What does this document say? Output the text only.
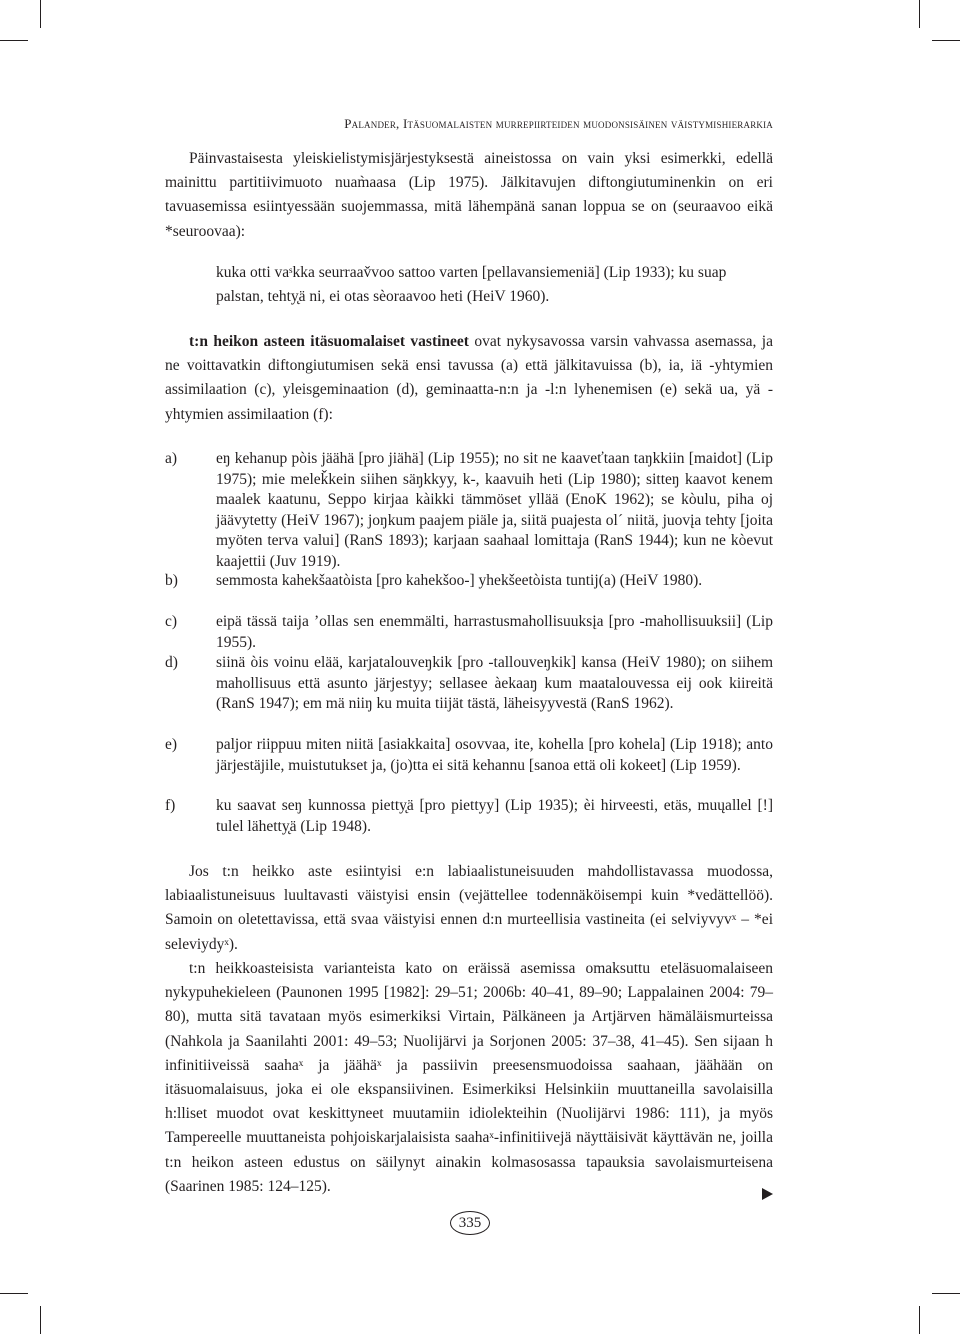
Palander, Itäsuomalaisten murrepiirteiden muodonsisäinen väistymishierarkia

Päinvastaisesta yleiskielistymisjärjestyksestä aineistossa on vain yksi esimerkki, edellä mainittu partitiivimuoto nuam̀aasa (Lip 1975). Jälkitavujen diftongiutuminenkin on eri tavuasemissa esiintyessään suojemmassa, mitä lähempänä sanan loppua se on (seuraavoo eikä *seuroovaa):

kuka otti vaˢkka seurraav̌voo sattoo varten [pellavansiemeniä] (Lip 1933); ku suap palstan, tehty̨ä ni, ei otas sèoraavoo heti (HeiV 1960).

t:n heikon asteen itäsuomalaiset vastineet ovat nykysavossa varsin vahvassa asemassa, ja ne voittavatkin diftongiutumisen sekä ensi tavussa (a) että jälkitavuissa (b), ia, iä -yhtymien assimilaation (c), yleisgeminaation (d), geminaatta-n:n ja -l:n lyhenemisen (e) sekä ua, yä -yhtymien assimilaation (f):

a)	eŋ kehanup pòis jäähä [pro jiähä] (Lip 1955); no sit ne kaaveťtaan taŋkkiin [maidot] (Lip 1975); mie meleǩkein siihen säŋkkyy, k-, kaavuih heti (Lip 1980); sitteŋ kaavot kenem maalek kaatunu, Seppo kirjaa kàikki tämmöset yllää (EnoK 1962); se kòulu, piha oj jäävytetty (HeiV 1967); joŋkum paajem piäle ja, siitä puajesta olˊ niitä, juovįa tehty [joita myöten terva valui] (RanS 1893); karjaan saahaal lomittaja (RanS 1944); kun ne kòevut kaajettii (Juv 1919).
b) semmosta kahekšaatòista [pro kahekšoo-] yhekšeetòista tuntij(a) (HeiV 1980).
c)	eipä tässä taija ’ollas sen enemmälti, harrastusmahollisuuksįa [pro -mahollisuuksii] (Lip 1955).
d) siinä òis voinu elää, karjatalouveŋkik [pro -tallouveŋkik] kansa (HeiV 1980); on siihem mahollisuus että asunto järjestyy; sellasee àekaaŋ kum maatalouvessa eij ook kiireitä (RanS 1947); em mä niiŋ ku muita tiijät tästä, läheisyyvestä (RanS 1962).
e)	paljor riippuu miten niitä [asiakkaita] osovvaa, ite, kohella [pro kohela] (Lip 1918); anto järjestäjile, muistutukset ja, (jo)tta ei sitä kehannu [sanoa että oli kokeet] (Lip 1959).
f)	ku saavat seŋ kunnossa pietty̨ä [pro piettyy] (Lip 1935); èi hirveesti, etäs, muųallel [!] tulel lähetty̨ä (Lip 1948).

Jos t:n heikko aste esiintyisi e:n labiaalistuneisuuden mahdollistavassa muodossa, labiaalistuneisuus luultavasti väistyisi ensin (vejättellee todennäköisempi kuin *vedättellöö). Samoin on oletettavissa, että svaa väistyisi ennen d:n murteellisia vastineita (ei selviyvyvˣ – *ei seleviydyˣ).

t:n heikkoasteisista varianteista kato on eräissä asemissa omaksuttu eteläsuomalaiseen nykypuhekieleen (Paunonen 1995 [1982]: 29–51; 2006b: 40–41, 89–90; Lappalainen 2004: 79–80), mutta sitä tavataan myös esimerkiksi Virtain, Pälkäneen ja Artjärven hämäläismurteissa (Nahkola ja Saanilahti 2001: 49–53; Nuolijärvi ja Sorjonen 2005: 37–38, 41–45). Sen sijaan h infinitiiveissä saahaˣ ja jäähäˣ ja passiivin preesensmuodoissa saahaan, jäähään on itäsuomalaisuus, joka ei ole ekspansiivinen. Esimerkiksi Helsinkiin muuttaneilla savolaisilla h:lliset muodot ovat keskittyneet muutamiin idiolekteihin (Nuolijärvi 1986: 111), ja myös Tampereelle muuttaneista pohjoiskarjalaisista saahaˣ-infinitiivejä näyttäisivät käyttävän ne, joilla t:n heikon asteen edustus on säilynyt ainakin kolmasosassa tapauksia savolaismurteisena (Saarinen 1985: 124–125).

335
